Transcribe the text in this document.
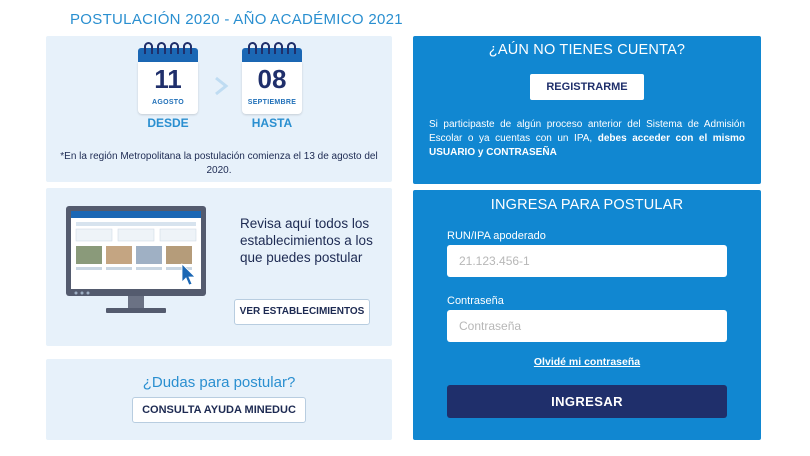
POSTULACIÓN 2020 - AÑO ACADÉMICO 2021
11
AGOSTO
08
SEPTIEMBRE
DESDE	HASTA
*En la región Metropolitana la postulación comienza el 13 de agosto del 2020.
Revisa aquí todos los establecimientos a los que puedes postular
VER ESTABLECIMIENTOS
¿Dudas para postular?
CONSULTA AYUDA MINEDUC
¿AÚN NO TIENES CUENTA?
REGISTRARME
Si participaste de algún proceso anterior del Sistema de Admisión Escolar o ya cuentas con un IPA, debes acceder con el mismo USUARIO y CONTRASEÑA
INGRESA PARA POSTULAR
RUN/IPA apoderado
21.123.456-1
Contraseña
Olvidé mi contraseña
INGRESAR
